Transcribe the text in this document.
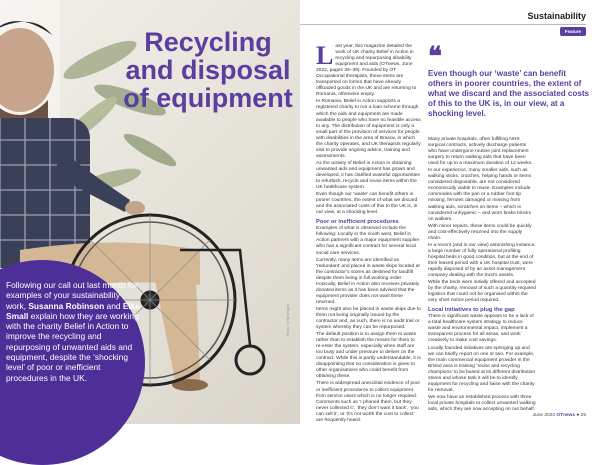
Recycling and disposal of equipment
Following our call out last month for examples of your sustainability work, Susanna Robinson and Elke Small explain how they are working with the charity Belief in Action to improve the recycling and repurposing of unwanted aids and equipment, despite the ‘shocking level’ of poor or inefficient procedures in the UK.
Photo: Getty Images
Sustainability
Feature

Last year, this magazine detailed the work of UK charity Belief in Action in recycling and repurposing disability equipment and aids (OTnews, June 2022, pages 36–39). Founded by OT Occupational therapists, these items are transported on lorries that have already offloaded goods in the UK and are returning to Romania, otherwise empty.

In Romania, Belief in Action supports a registered charity to run a loan scheme through which the aids and equipment are made available to people who have no feasible access to any. The distribution of equipment is only a small part of the provision of services for people with disabilities in the area of Brasov, in which the charity operates, and UK therapists regularly visit to provide ongoing advice, training and assessments.

As the activity of Belief in Action in obtaining unwanted aids and equipment has grown and developed, it has clarified wasteful opportunities to refurbish, recycle and reuse items within the UK healthcare system.

Even though our ‘waste’ can benefit others in poorer countries, the extent of what we discard and the associated costs of this to the UK is, in our view, at a shocking level.

Poor or inefficient procedures

Examples of what is observed include the following: Locally in the south west, Belief in Action partners with a major equipment supplier who has a significant contract for several local social care services.

Currently, many items are identified as ‘redundant’ and placed in waste skips located at the contractor’s stores as destined for landfill despite them being in full working order. Ironically, Belief in Action also receives privately donated items as it has been advised that the equipment provider does not want these returned.

Items might also be placed in waste skips due to them not being originally issued by the contractor and, as such, there is no audit trail or system whereby they can be repurposed.

The default position is to assign them to waste rather than to establish the means for them to re-enter the system, especially when staff are too busy and under pressure to deliver on the contract. While this is partly understandable, it is disappointing that no consideration is given to other organisations who could benefit from obtaining these.

There is widespread anecdotal evidence of poor or inefficient procedures to collect equipment from service users which is no longer required. Comments such as ‘I phoned them, but they never collected it’, ‘they don’t want it back’, ‘you can sell it’, or ‘it’s not worth the cost to collect’ are frequently heard.

❝
Even though our ‘waste’ can benefit others in poorer countries, the extent of what we discard and the associated costs of this to the UK is, in our view, at a shocking level.

Many private hospitals, often fulfilling NHS surgical contracts, actively discharge patients who have undergone routine joint replacement surgery to return walking aids that have been used for up to a maximum duration of 12 weeks.

In our experience, many smaller aids, such as walking sticks, crutches, helping hands or items considered disposable, are not considered economically viable to reuse. Examples include commodes with the pan or a rubber foot tip missing, ferrules damaged or missing from walking aids, scratches on items – which is considered unhygienic – and worn brake blocks on walkers.

With minor repairs, these items could be quickly and cost-effectively returned into the supply chain.

In a recent (and in our view) astonishing instance, a large number of fully operational profiling hospital beds in good condition, but at the end of their leased period with a UK hospital trust, were rapidly disposed of by an asset management company dealing with the trust’s assets.

While the beds were initially offered and accepted by the charity, removal of such a quantity required logistics that could not be organised within the very short notice period required.

Local initiatives to plug the gap

There is significant waste appears to be a lack of a total healthcare system strategy to reduce waste and environmental impact, implement a transparent process for all areas, and work creatively to make cost savings.

Locally founded initiatives are springing up and we can briefly report on one or two. For example, the main commercial equipment provider in the Bristol area is training ‘reuse and recycling champions’ to be based at its different distribution stores and whose task it will be to identify equipment for recycling and liaise with the charity for removal.

We now have an established process with three local private hospitals to collect unwanted walking aids, which they are now accepting on our behalf.

June 2023 OTnews ● 25
